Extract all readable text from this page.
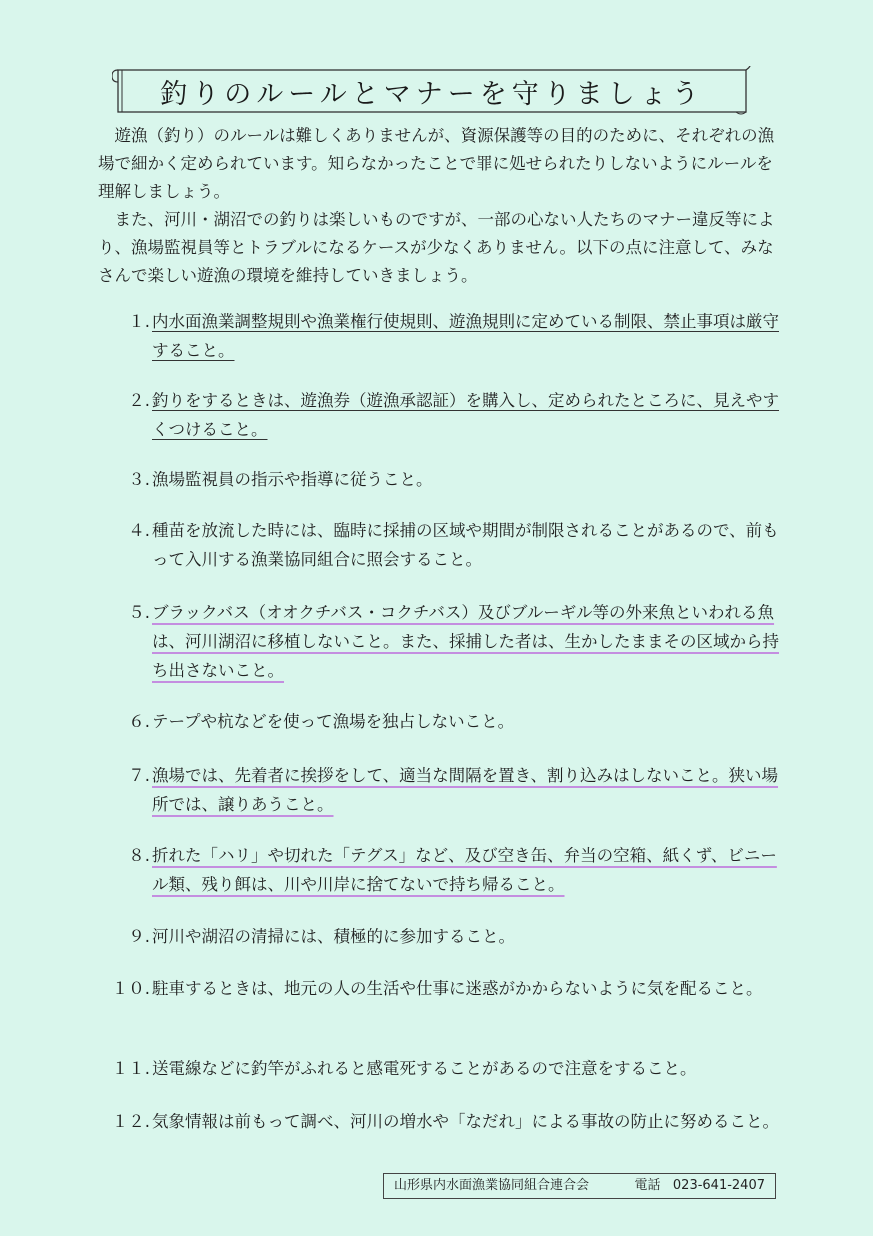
釣りのルールとマナーを守りましょう

遊漁（釣り）のルールは難しくありませんが、資源保護等の目的のために、それぞれの漁場で細かく定められています。知らなかったことで罪に処せられたりしないようにルールを理解しましょう。

また、河川・湖沼での釣りは楽しいものですが、一部の心ない人たちのマナー違反等により、漁場監視員等とトラブルになるケースが少なくありません。以下の点に注意して、みなさんで楽しい遊漁の環境を維持していきましょう。

１. 内水面漁業調整規則や漁業権行使規則、遊漁規則に定めている制限、禁止事項は厳守すること。
２. 釣りをするときは、遊漁券（遊漁承認証）を購入し、定められたところに、見えやすくつけること。
３. 漁場監視員の指示や指導に従うこと。
４. 種苗を放流した時には、臨時に採捕の区域や期間が制限されることがあるので、前もって入川する漁業協同組合に照会すること。
５. ブラックバス（オオクチバス・コクチバス）及びブルーギル等の外来魚といわれる魚は、河川湖沼に移植しないこと。また、採捕した者は、生かしたままその区域から持ち出さないこと。
６. テープや杭などを使って漁場を独占しないこと。
７. 漁場では、先着者に挨拶をして、適当な間隔を置き、割り込みはしないこと。狭い場所では、譲りあうこと。
８. 折れた「ハリ」や切れた「テグス」など、及び空き缶、弁当の空箱、紙くず、ビニール類、残り餌は、川や川岸に捨てないで持ち帰ること。
９. 河川や湖沼の清掃には、積極的に参加すること。
１０. 駐車するときは、地元の人の生活や仕事に迷惑がかからないように気を配ること。
１１. 送電線などに釣竿がふれると感電死することがあるので注意をすること。
１２. 気象情報は前もって調べ、河川の増水や「なだれ」による事故の防止に努めること。
山形県内水面漁業協同組合連合会	電話 023-641-2407
